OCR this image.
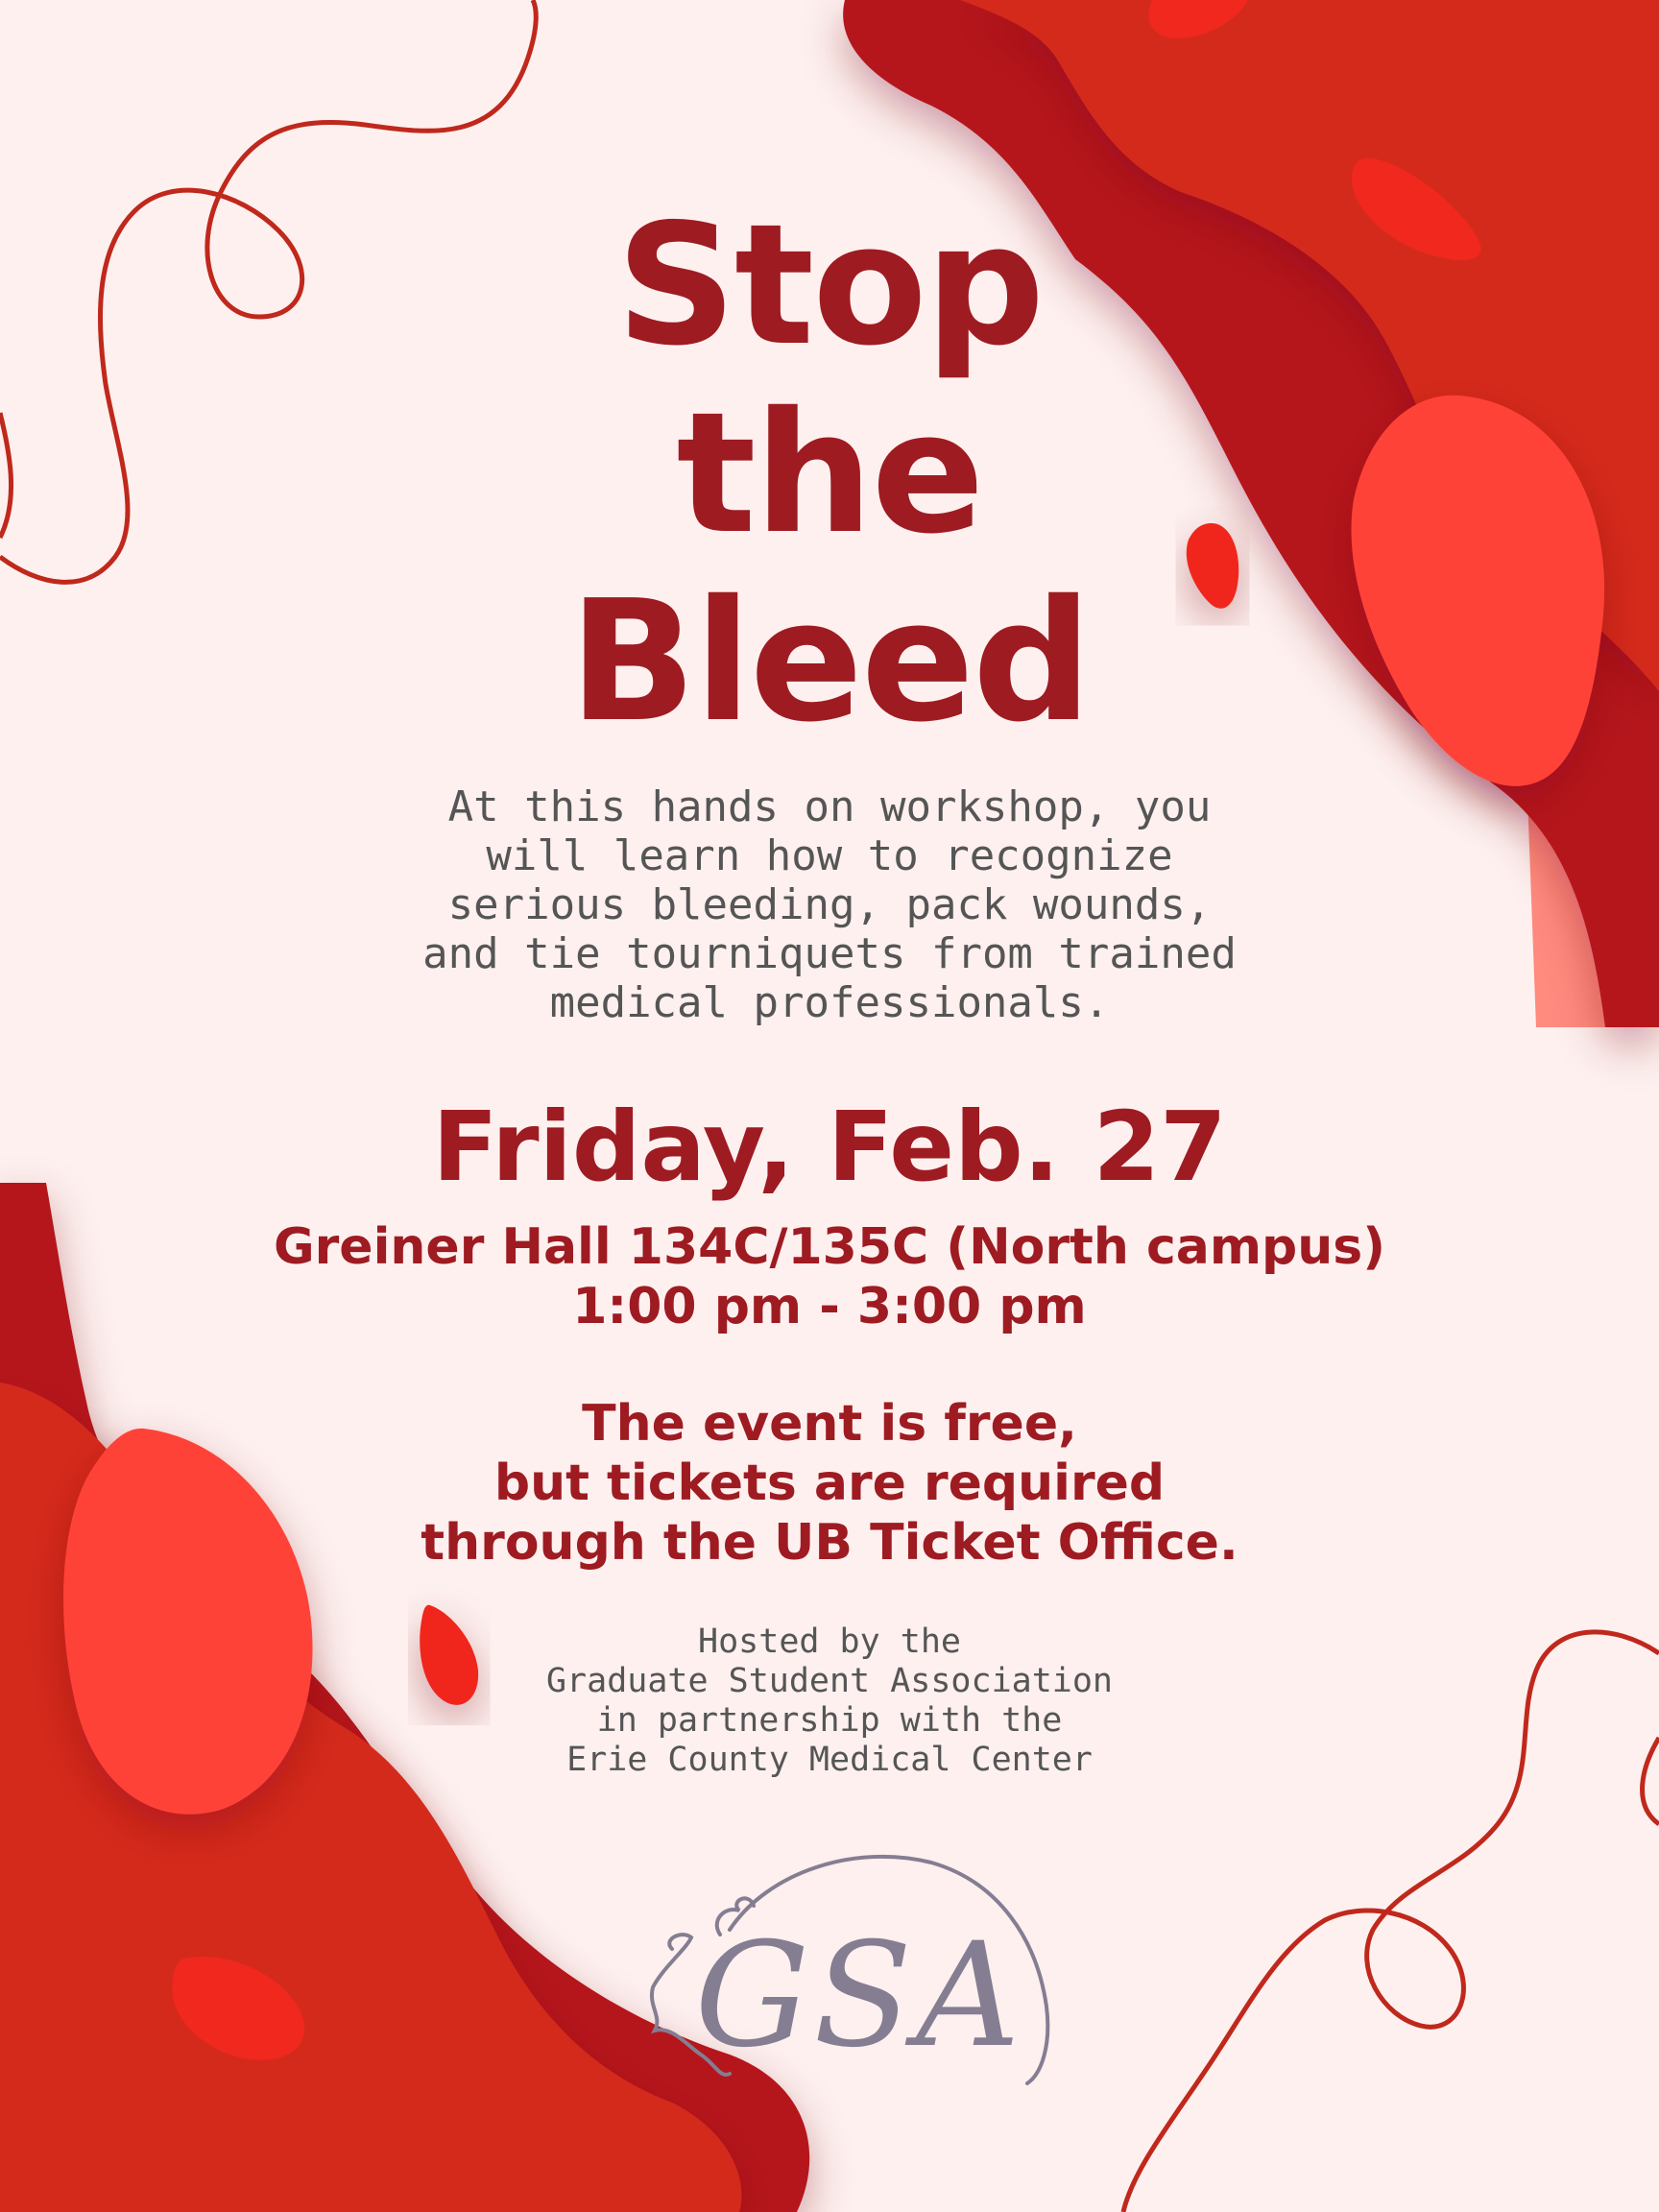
Stop
the
Bleed
At this hands on workshop, you
will learn how to recognize
serious bleeding, pack wounds,
and tie tourniquets from trained
medical professionals.
Friday, Feb. 27
Greiner Hall 134C/135C (North campus)
1:00 pm - 3:00 pm
The event is free,
but tickets are required
through the UB Ticket Office.
Hosted by the
Graduate Student Association
in partnership with the
Erie County Medical Center
GSA
